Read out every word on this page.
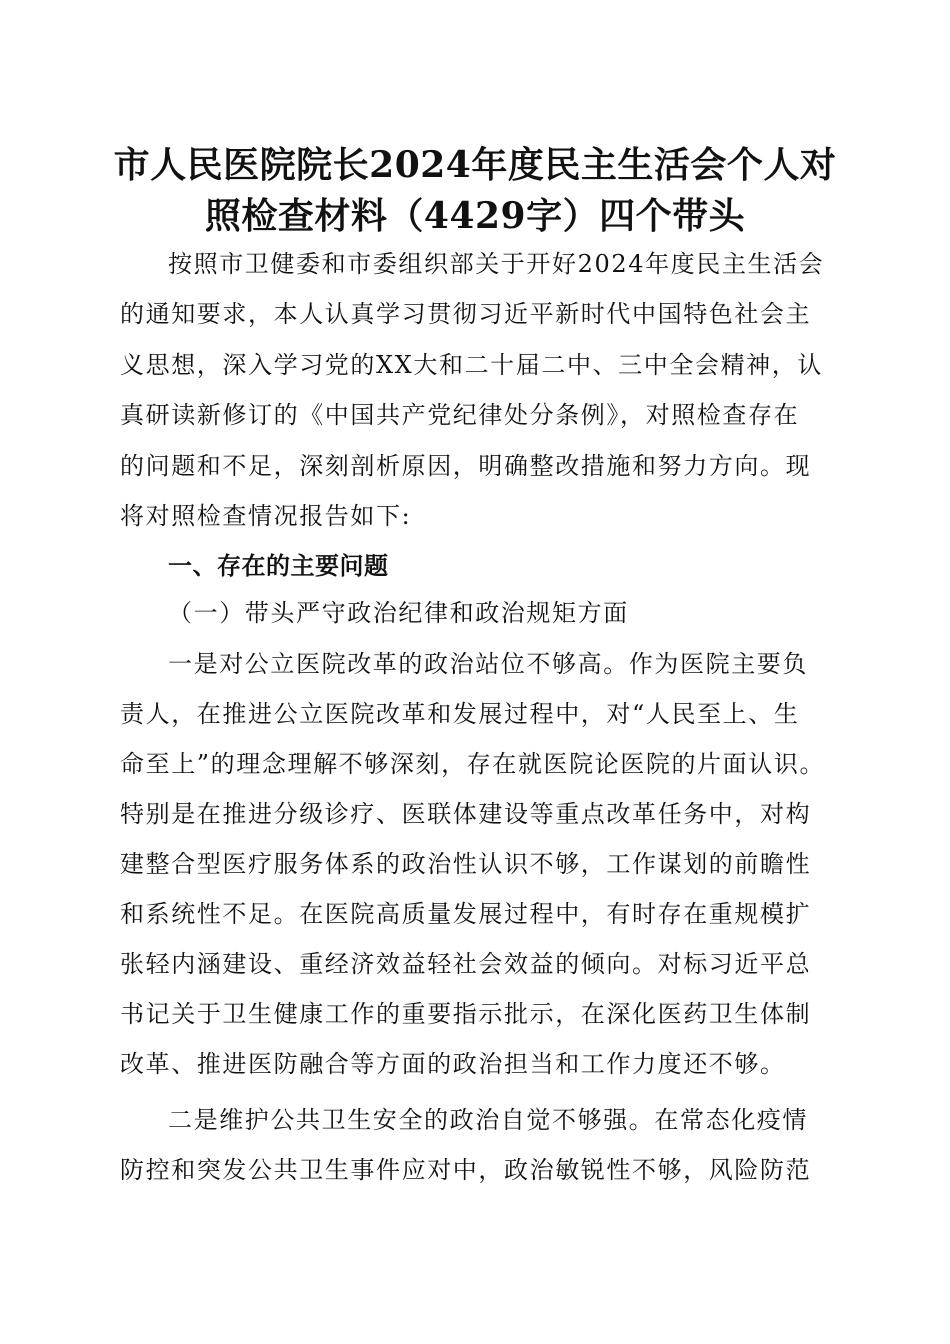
市人民医院院长2024年度民主生活会个人对
照检查材料（4429字）四个带头
按照市卫健委和市委组织部关于开好2024年度民主生活会
的通知要求，本人认真学习贯彻习近平新时代中国特色社会主
义思想，深入学习党的XX大和二十届二中、三中全会精神，认
真研读新修订的《中国共产党纪律处分条例》，对照检查存在
的问题和不足，深刻剖析原因，明确整改措施和努力方向。现
将对照检查情况报告如下:
一、存在的主要问题
（一）带头严守政治纪律和政治规矩方面
一是对公立医院改革的政治站位不够高。作为医院主要负
责人，在推进公立医院改革和发展过程中，对“人民至上、生
命至上”的理念理解不够深刻，存在就医院论医院的片面认识。
特别是在推进分级诊疗、医联体建设等重点改革任务中，对构
建整合型医疗服务体系的政治性认识不够，工作谋划的前瞻性
和系统性不足。在医院高质量发展过程中，有时存在重规模扩
张轻内涵建设、重经济效益轻社会效益的倾向。对标习近平总
书记关于卫生健康工作的重要指示批示，在深化医药卫生体制
改革、推进医防融合等方面的政治担当和工作力度还不够。
二是维护公共卫生安全的政治自觉不够强。在常态化疫情
防控和突发公共卫生事件应对中，政治敏锐性不够，风险防范
